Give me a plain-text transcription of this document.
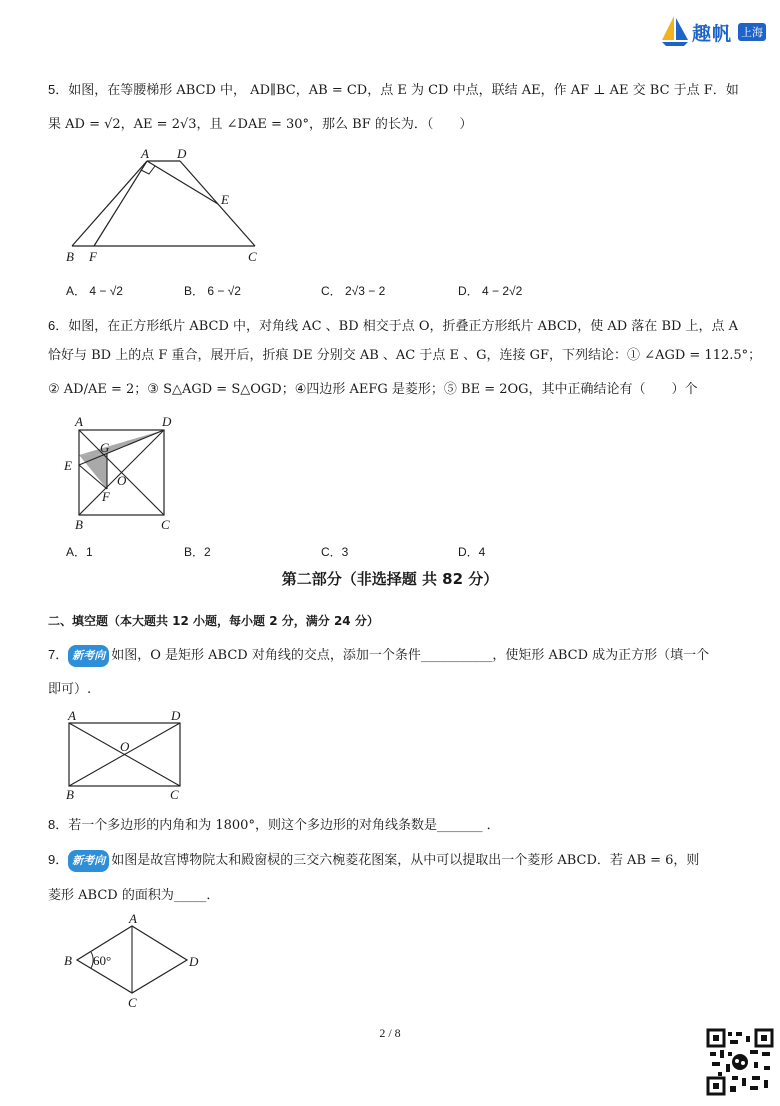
趣帆 上海
5．如图，在等腰梯形 ABCD 中， AD∥BC，AB = CD，点 E 为 CD 中点，联结 AE，作 AF ⊥ AE 交 BC 于点 F．如
果 AD = √2，AE = 2√3，且 ∠DAE = 30°，那么 BF 的长为．（　　）
A D
E
B F	C
A． 4 − √2	B． 6 − √2	C． 2√3 − 2	D． 4 − 2√2
6．如图，在正方形纸片 ABCD 中，对角线 AC 、BD 相交于点 O，折叠正方形纸片 ABCD，使 AD 落在 BD 上，点 A
恰好与 BD 上的点 F 重合，展开后，折痕 DE 分别交 AB 、AC 于点 E 、G，连接 GF，下列结论：① ∠AGD = 112.5°；
② AD/AE = 2；③ S△AGD = S△OGD；④四边形 AEFG 是菱形；⑤ BE = 2OG，其中正确结论有（　　）个
A	D
G
E
O
F
B	C
A．1	B．2	C．3	D．4
第二部分（非选择题 共 82 分）
二、填空题（本大题共 12 小题，每小题 2 分，满分 24 分）
7． 新考向 如图，O 是矩形 ABCD 对角线的交点，添加一个条件___________，使矩形 ABCD 成为正方形（填一个
即可）.
A	D
O
B	C
8．若一个多边形的内角和为 1800°，则这个多边形的对角线条数是_______ ．
9． 新考向 如图是故宫博物院太和殿窗棂的三交六椀菱花图案，从中可以提取出一个菱形 ABCD．若 AB = 6，则
菱形 ABCD 的面积为_____．
A
B 60°	D
C
2 / 8
